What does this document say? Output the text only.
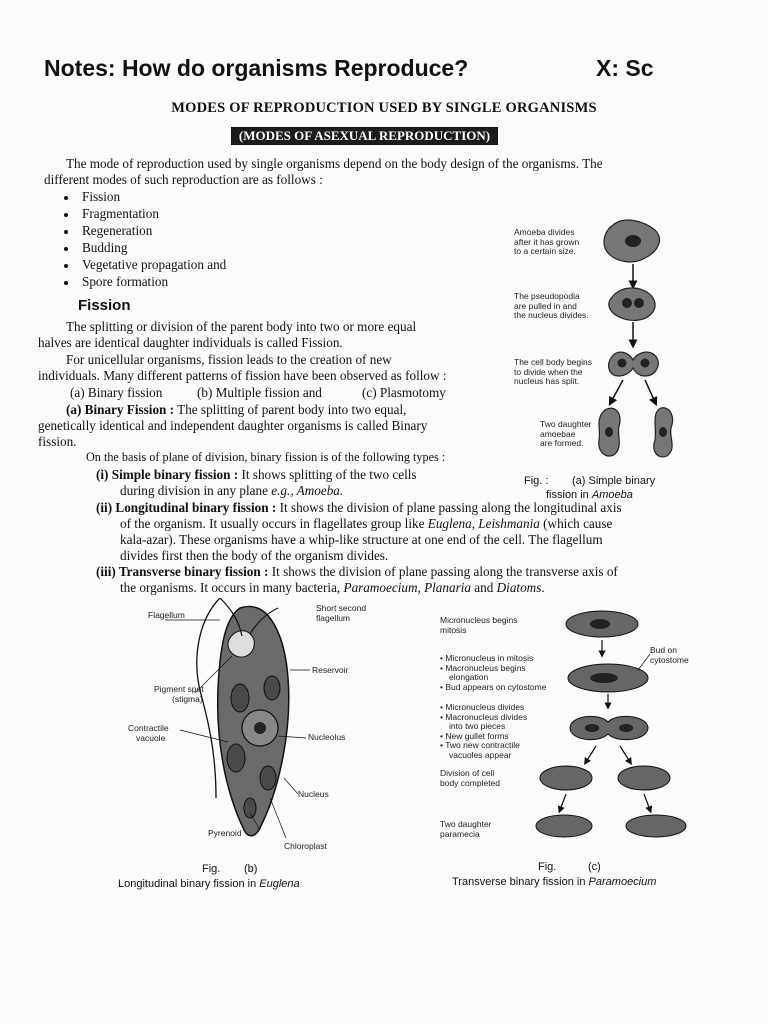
Notes: How do organisms Reproduce?	X: Sc
MODES OF REPRODUCTION USED BY SINGLE ORGANISMS
(MODES OF ASEXUAL REPRODUCTION)
The mode of reproduction used by single organisms depend on the body design of the organisms. The
different modes of such reproduction are as follows :
Fission
Fragmentation
Regeneration
Budding
Vegetative propagation and
Spore formation
Fission
The splitting or division of the parent body into two or more equal
halves are identical daughter individuals is called Fission.
For unicellular organisms, fission leads to the creation of new
individuals. Many different patterns of fission have been observed as follow :
(a) Binary fission	(b) Multiple fission and	(c) Plasmotomy
(a) Binary Fission : The splitting of parent body into two equal,
genetically identical and independent daughter organisms is called Binary
fission.
On the basis of plane of division, binary fission is of the following types :
(i) Simple binary fission : It shows splitting of the two cells
during division in any plane e.g., Amoeba.
(ii) Longitudinal binary fission : It shows the division of plane passing along the longitudinal axis
of the organism. It usually occurs in flagellates group like Euglena, Leishmania (which cause
kala-azar). These organisms have a whip-like structure at one end of the cell. The flagellum
divides first then the body of the organism divides.
(iii) Transverse binary fission : It shows the division of plane passing along the transverse axis of
the organisms. It occurs in many bacteria, Paramoecium, Planaria and Diatoms.
Amoeba divides
after it has grown
to a certain size.
The pseudopodia
are pulled in and
the nucleus divides.
The cell body begins
to divide when the
nucleus has split.
Two daughter
amoebae
are formed.
Fig. : (a) Simple binary
fission in Amoeba
Flagellum
Short second
flagellum
Reservoir
Pigment spot
(stigma)
Contractile
vacuole	Nucleolus
Nucleus
Pyrenoid
Chloroplast
Fig. (b)
Longitudinal binary fission in Euglena
Micronucleus begins
mitosis
Bud on
cytostome
• Micronucleus in mitosis
• Macronucleus begins
elongation
• Bud appears on cytostome
• Micronucleus divides
• Macronucleus divides
into two pieces
• New gullet forms
• Two new contractile
vacuoles appear
Division of cell
body completed
Two daughter
paramecia
Fig.	(c)
Transverse binary fission in Paramoecium
